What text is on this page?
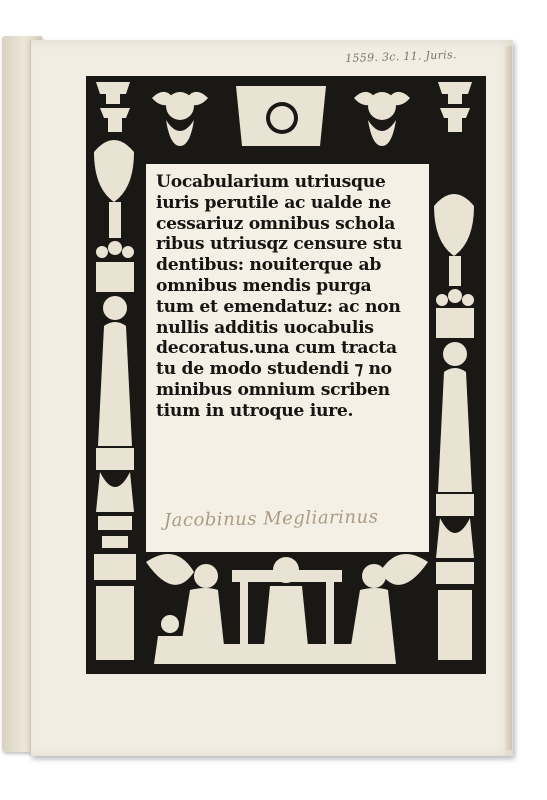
1559. 3c. 11. Juris.
Uocabularium utriusque
iuris perutile ac ualde ne
cessariuz omnibus schola
ribus utriusqz censure stu
dentibus: nouiterque ab
omnibus mendis purga
tum et emendatuz: ac non
nullis additis uocabulis
decoratus.una cum tracta
tu de modo studendi ⁊ no
minibus omnium scriben
tium in utroque iure.
Jacobinus Megliarinus
